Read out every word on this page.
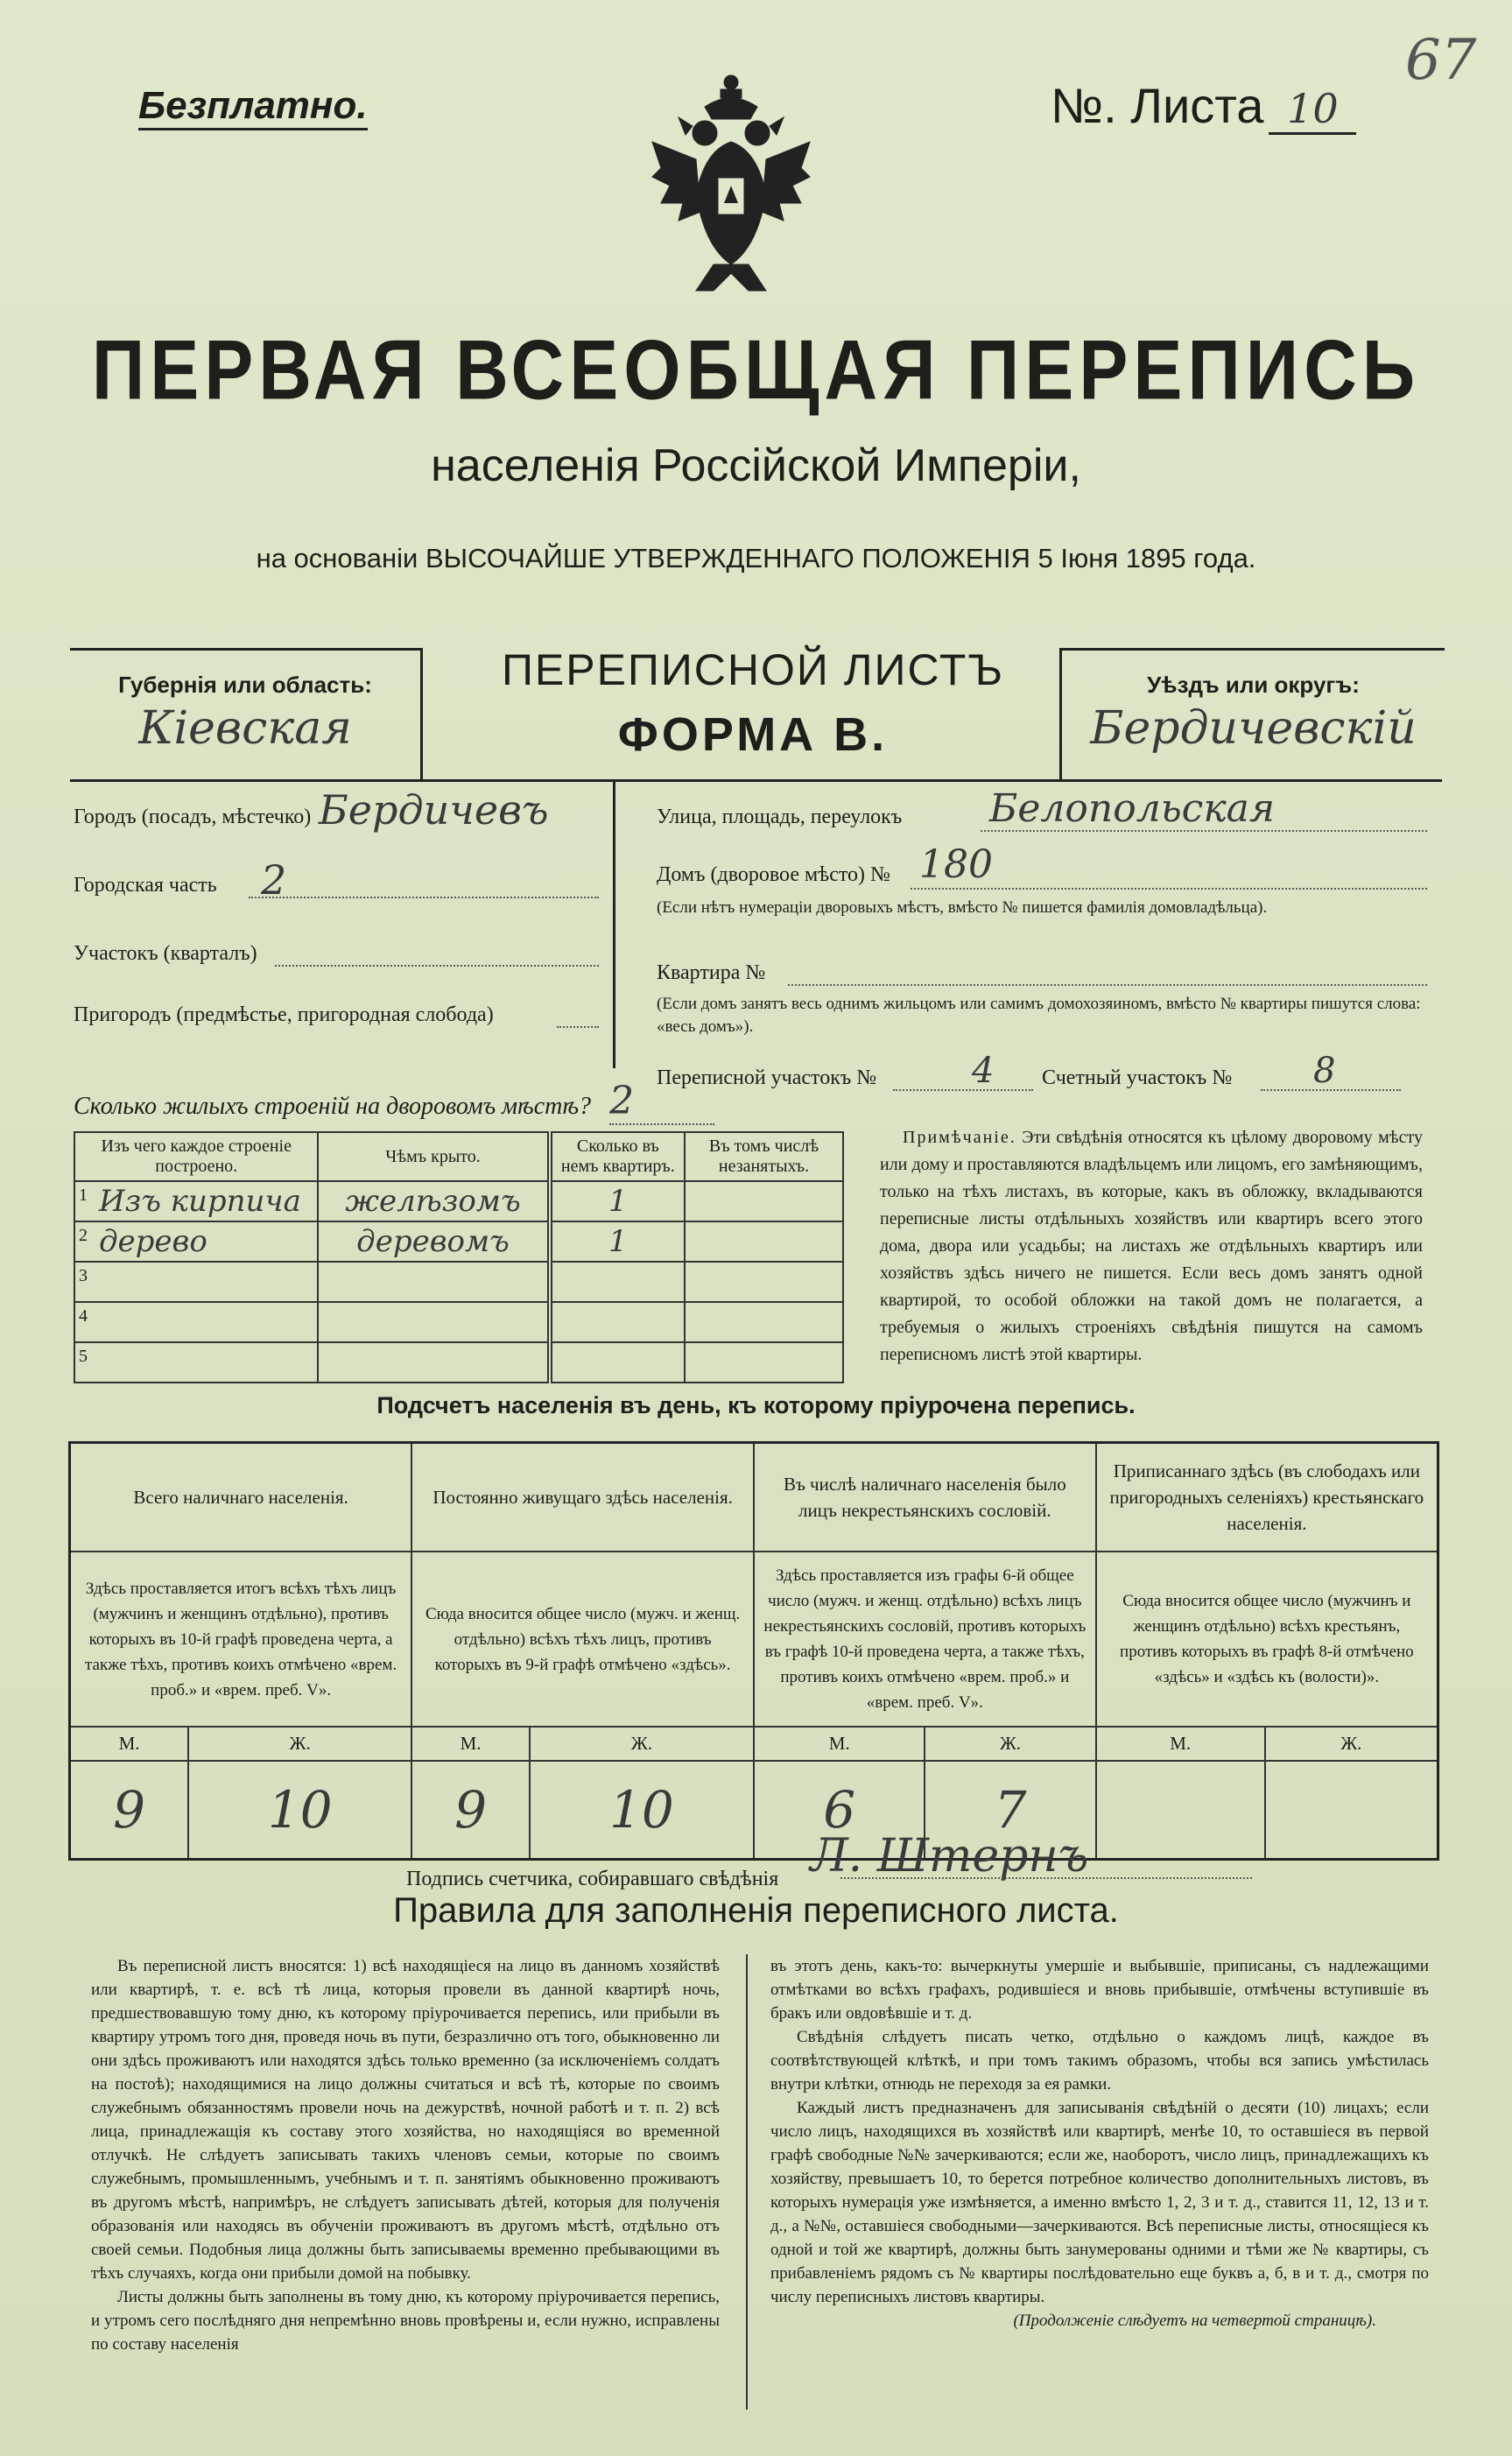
Безплатно.	№. Листа 10
67
ПЕРВАЯ ВСЕОБЩАЯ ПЕРЕПИСЬ
населенія Россійской Имперіи,
на основаніи ВЫСОЧАЙШЕ УТВЕРЖДЕННАГО ПОЛОЖЕНІЯ 5 Іюня 1895 года.
Губернія или область:
Кіевская
ПЕРЕПИСНОЙ ЛИСТЪ
ФОРМА В.
Уѣздъ или округъ:
Бердичевскій
Городъ (посадъ, мѣстечко) Бердичевъ
Городская часть 2
Участокъ (кварталъ)
Пригородъ (предмѣстье, пригородная слобода)
Улица, площадь, переулокъ Белопольская
Домъ (дворовое мѣсто) № 180
(Если нѣтъ нумераціи дворовыхъ мѣстъ, вмѣсто № пишется фамилія домовладѣльца).
Квартира №
(Если домъ занятъ весь однимъ жильцомъ или самимъ домохозяиномъ, вмѣсто № квартиры пишутся слова: «весь домъ»).
Переписной участокъ №	4 Счетный участокъ № 8
Сколько жилыхъ строеній на дворовомъ мѣстѣ? 2
Изъ чего каждое строеніе построено.	Чѣмъ крыто.	Сколько въ немъ квартиръ.	Въ томъ числѣ незанятыхъ.

1 Изъ кирпича	желѣзомъ	1	

2 дерево	деревомъ	1	

3			

4			

5			

Примѣчаніе. Эти свѣдѣнія относятся къ цѣлому дворовому мѣсту или дому и проставляются владѣльцемъ или лицомъ, его замѣняющимъ, только на тѣхъ листахъ, въ которые, какъ въ обложку, вкладываются переписные листы отдѣльныхъ хозяйствъ или квартиръ всего этого дома, двора или усадьбы; на листахъ же отдѣльныхъ квартиръ или хозяйствъ здѣсь ничего не пишется. Если весь домъ занятъ одной квартирой, то особой обложки на такой домъ не полагается, а требуемыя о жилыхъ строеніяхъ свѣдѣнія пишутся на самомъ переписномъ листѣ этой квартиры.
Подсчетъ населенія въ день, къ которому пріурочена перепись.
Всего наличнаго населенія.		Постоянно живущаго здѣсь населенія.		Въ числѣ наличнаго населенія было лицъ некрестьянскихъ сословій.		Приписаннаго здѣсь (въ слободахъ или пригородныхъ селеніяхъ) крестьянскаго населенія.	
Здѣсь проставляется итогъ всѣхъ тѣхъ лицъ (мужчинъ и женщинъ отдѣльно), противъ которыхъ въ 10-й графѣ проведена черта, а также тѣхъ, противъ коихъ отмѣчено «врем. проб.» и «врем. преб. V».		Сюда вносится общее число (мужч. и женщ. отдѣльно) всѣхъ тѣхъ лицъ, противъ которыхъ въ 9-й графѣ отмѣчено «здѣсь».		Здѣсь проставляется изъ графы 6-й общее число (мужч. и женщ. отдѣльно) всѣхъ лицъ некрестьянскихъ сословій, противъ которыхъ въ графѣ 10-й проведена черта, а также тѣхъ, противъ коихъ отмѣчено «врем. проб.» и «врем. преб. V».		Сюда вносится общее число (мужчинъ и женщинъ отдѣльно) всѣхъ крестьянъ, противъ которыхъ въ графѣ 8-й отмѣчено «здѣсь» и «здѣсь къ (волости)».	
М.	Ж.	М.	Ж.	М.	Ж.	М.	Ж.
9	10	9	10	6	7		
Подпись счетчика, собиравшаго свѣдѣнія Л. Штернъ
Правила для заполненія переписного листа.

Въ переписной листъ вносятся: 1) всѣ находящіеся на лицо въ данномъ хозяйствѣ или квартирѣ, т. е. всѣ тѣ лица, которыя провели въ данной квартирѣ ночь, предшествовавшую тому дню, къ которому пріурочивается перепись, или прибыли въ квартиру утромъ того дня, проведя ночь въ пути, безразлично отъ того, обыкновенно ли они здѣсь проживаютъ или находятся здѣсь только временно (за исключеніемъ солдатъ на постоѣ); находящимися на лицо должны считаться и всѣ тѣ, которые по своимъ служебнымъ обязанностямъ провели ночь на дежурствѣ, ночной работѣ и т. п. 2) всѣ лица, принадлежащія къ составу этого хозяйства, но находящіяся во временной отлучкѣ. Не слѣдуетъ записывать такихъ членовъ семьи, которые по своимъ служебнымъ, промышленнымъ, учебнымъ и т. п. занятіямъ обыкновенно проживаютъ въ другомъ мѣстѣ, напримѣръ, не слѣдуетъ записывать дѣтей, которыя для полученія образованія или находясь въ обученіи проживаютъ въ другомъ мѣстѣ, отдѣльно отъ своей семьи. Подобныя лица должны быть записываемы временно пребывающими въ тѣхъ случаяхъ, когда они прибыли домой на побывку.

Листы должны быть заполнены въ тому дню, къ которому пріурочивается перепись, и утромъ сего послѣдняго дня непремѣнно вновь провѣрены и, если нужно, исправлены по составу населенія

въ этотъ день, какъ-то: вычеркнуты умершіе и выбывшіе, приписаны, съ надлежащими отмѣтками во всѣхъ графахъ, родившіеся и вновь прибывшіе, отмѣчены вступившіе въ бракъ или овдовѣвшіе и т. д.

Свѣдѣнія слѣдуетъ писать четко, отдѣльно о каждомъ лицѣ, каждое въ соотвѣтствующей клѣткѣ, и при томъ такимъ образомъ, чтобы вся запись умѣстилась внутри клѣтки, отнюдь не переходя за ея рамки.

Каждый листъ предназначенъ для записыванія свѣдѣній о десяти (10) лицахъ; если число лицъ, находящихся въ хозяйствѣ или квартирѣ, менѣе 10, то оставшіеся въ первой графѣ свободные №№ зачеркиваются; если же, наоборотъ, число лицъ, принадлежащихъ къ хозяйству, превышаетъ 10, то берется потребное количество дополнительныхъ листовъ, въ которыхъ нумерація уже измѣняется, а именно вмѣсто 1, 2, 3 и т. д., ставится 11, 12, 13 и т. д., а №№, оставшіеся свободными—зачеркиваются. Всѣ переписные листы, относящіеся къ одной и той же квартирѣ, должны быть занумерованы одними и тѣми же № квартиры, съ прибавленіемъ рядомъ съ № квартиры послѣдовательно еще буквъ а, б, в и т. д., смотря по числу переписныхъ листовъ квартиры.

(Продолженіе слѣдуетъ на четвертой страницѣ).
